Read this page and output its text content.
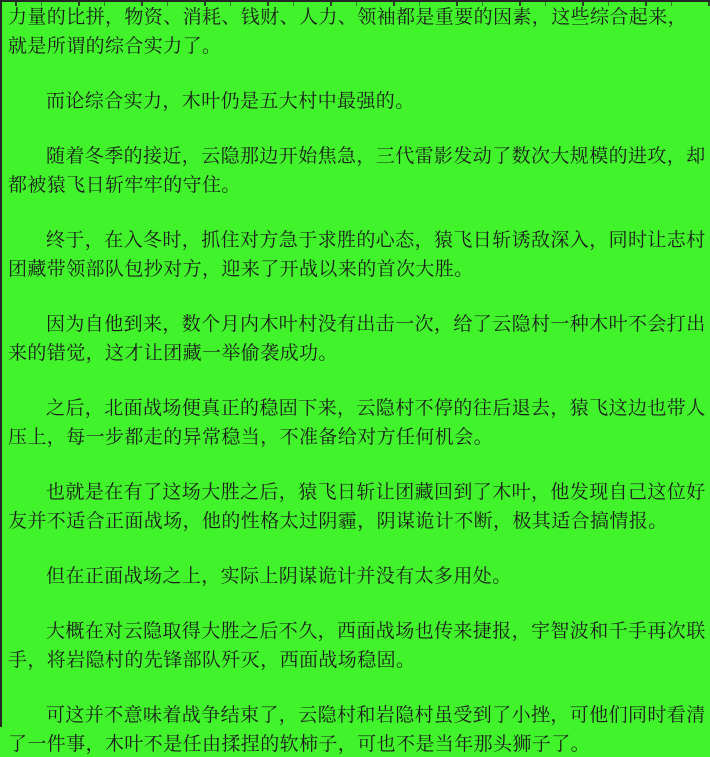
力量的比拼，物资、消耗、钱财、人力、领袖都是重要的因素，这些综合起来，就是所谓的综合实力了。

而论综合实力，木叶仍是五大村中最强的。

随着冬季的接近，云隐那边开始焦急，三代雷影发动了数次大规模的进攻，却都被猿飞日斩牢牢的守住。

终于，在入冬时，抓住对方急于求胜的心态，猿飞日斩诱敌深入，同时让志村团藏带领部队包抄对方，迎来了开战以来的首次大胜。

因为自他到来，数个月内木叶村没有出击一次，给了云隐村一种木叶不会打出来的错觉，这才让团藏一举偷袭成功。

之后，北面战场便真正的稳固下来，云隐村不停的往后退去，猿飞这边也带人压上，每一步都走的异常稳当，不准备给对方任何机会。

也就是在有了这场大胜之后，猿飞日斩让团藏回到了木叶，他发现自己这位好友并不适合正面战场，他的性格太过阴霾，阴谋诡计不断，极其适合搞情报。

但在正面战场之上，实际上阴谋诡计并没有太多用处。

大概在对云隐取得大胜之后不久，西面战场也传来捷报，宇智波和千手再次联手，将岩隐村的先锋部队歼灭，西面战场稳固。

可这并不意味着战争结束了，云隐村和岩隐村虽受到了小挫，可他们同时看清了一件事，木叶不是任由揉捏的软柿子，可也不是当年那头狮子了。
